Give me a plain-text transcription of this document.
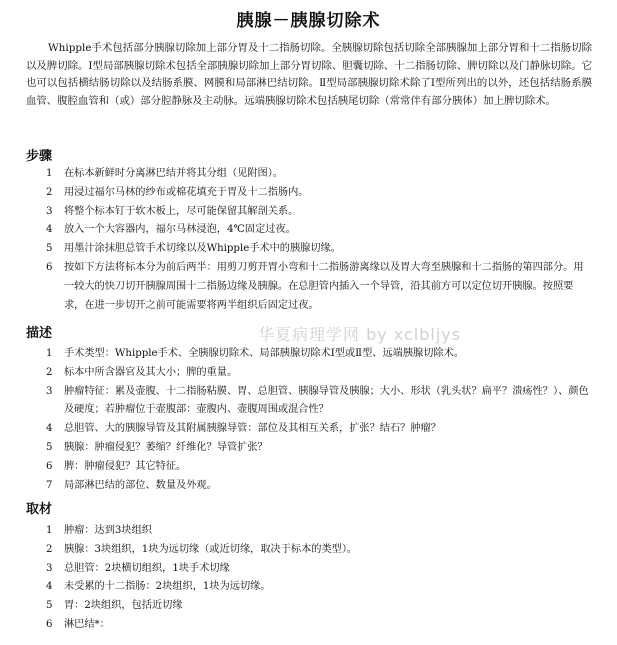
胰腺－胰腺切除术
Whipple手术包括部分胰腺切除加上部分胃及十二指肠切除。全胰腺切除包括切除全部胰腺加上部分胃和十二指肠切除以及脾切除。Ⅰ型局部胰腺切除术包括全部胰腺切除加上部分胃切除、胆囊切除、十二指肠切除、脾切除以及门静脉切除。它也可以包括横结肠切除以及结肠系膜、网膜和局部淋巴结切除。Ⅱ型局部胰腺切除术除了Ⅰ型所列出的以外，还包括结肠系膜血管、腹腔血管和（或）部分腔静脉及主动脉。远端胰腺切除术包括胰尾切除（常常伴有部分胰体）加上脾切除术。
步骤
1	在标本新鲜时分离淋巴结并将其分组（见附图）。
2	用浸过福尔马林的纱布或棉花填充于胃及十二指肠内。
3	将整个标本钉于软木板上，尽可能保留其解剖关系。
4	放入一个大容器内，福尔马林浸泡，4℃固定过夜。
5	用墨汁涂抹胆总管手术切缘以及Whipple手术中的胰腺切缘。
6	按如下方法将标本分为前后两半：用剪刀剪开胃小弯和十二指肠游离缘以及胃大弯至胰腺和十二指肠的第四部分。用一较大的快刀切开胰腺周围十二指肠边缘及胰腺。在总胆管内插入一个导管，沿其前方可以定位切开胰腺。按照要求，在进一步切开之前可能需要将两半组织后固定过夜。
华夏病理学网 by xclbljys
描述
1	手术类型：Whipple手术、全胰腺切除术、局部胰腺切除术Ⅰ型或Ⅱ型、远端胰腺切除术。
2	标本中所含器官及其大小；脾的重量。
3	肿瘤特征：累及壶腹、十二指肠粘膜、胃、总胆管、胰腺导管及胰腺；大小、形状（乳头状？扁平？溃疡性？）、颜色及硬度；若肿瘤位于壶腹部：壶腹内、壶腹周围或混合性？
4	总胆管、大的胰腺导管及其附属胰腺导管：部位及其相互关系，扩张？结石？肿瘤？
5	胰腺：肿瘤侵犯？萎缩？纤维化？导管扩张？
6	脾：肿瘤侵犯？其它特征。
7	局部淋巴结的部位、数量及外观。
取材
1	肿瘤：达到3块组织
2	胰腺：3块组织，1块为远切缘（或近切缘，取决于标本的类型）。
3	总胆管：2块横切组织，1块手术切缘
4	未受累的十二指肠：2块组织，1块为远切缘。
5	胃：2块组织，包括近切缘
6	淋巴结*：
